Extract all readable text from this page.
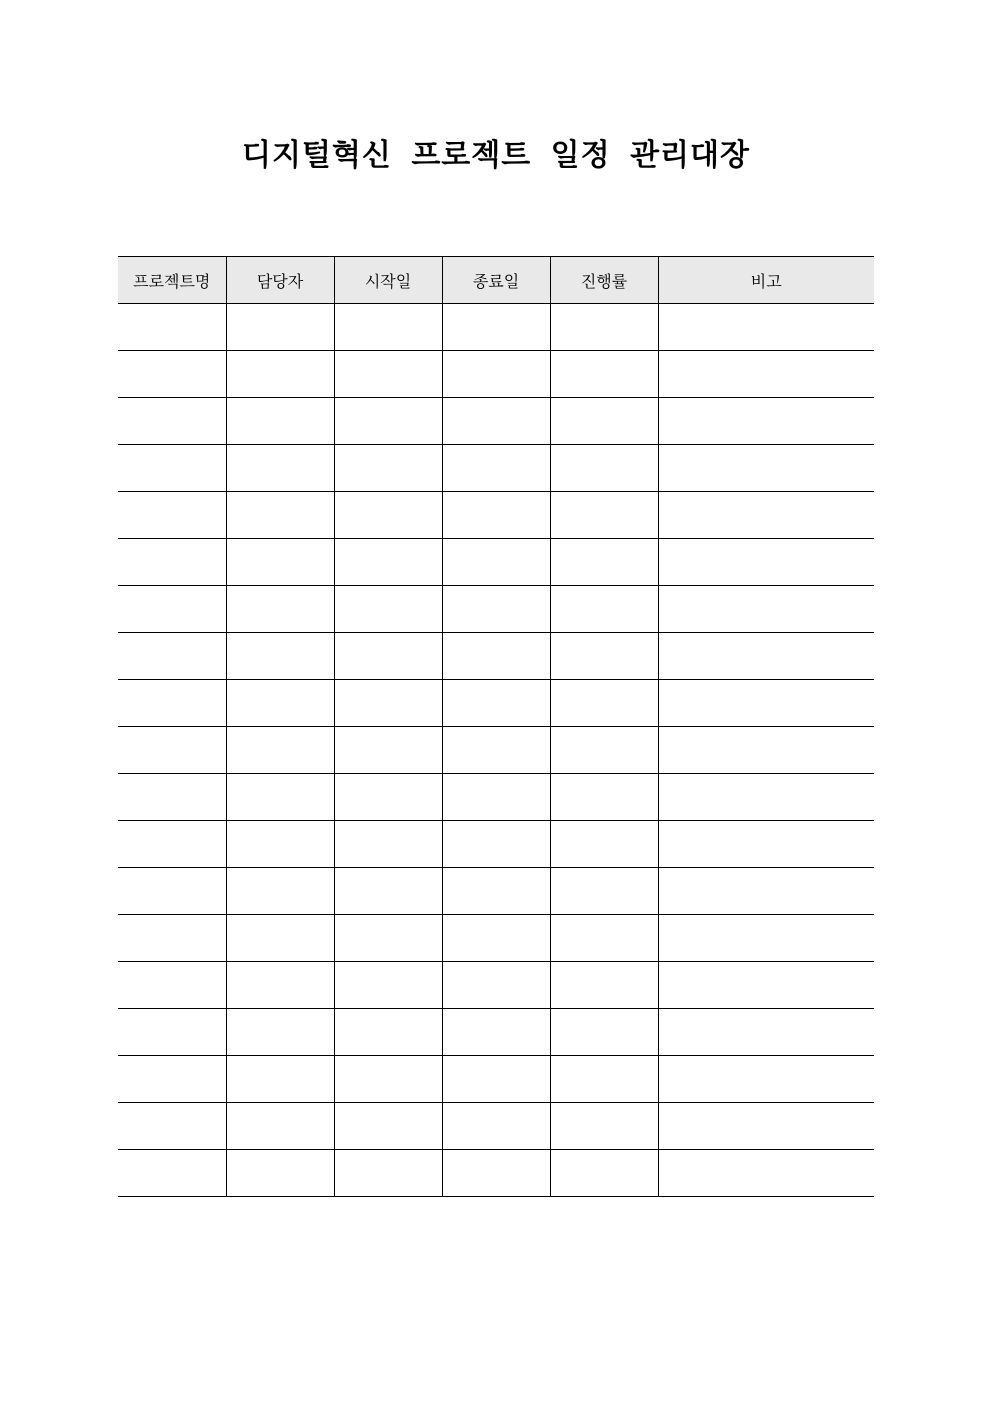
디지털혁신 프로젝트 일정 관리대장
프로젝트명	담당자	시작일	종료일	진행률	비고
